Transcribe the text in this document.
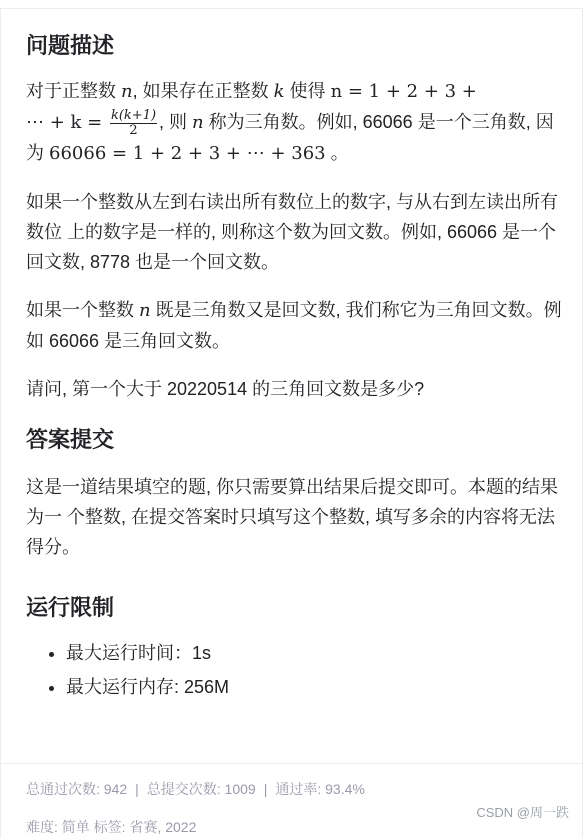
问题描述

对于正整数 n, 如果存在正整数 k 使得 n = 1 + 2 + 3 +
⋯ + $k = \frac{k(k+1)}{2}$ , 则 n 称为三角数。例如, 66066 是一个三角数, 因为 66066 = 1 + 2 + 3 + ⋯ + 363 。

如果一个整数从左到右读出所有数位上的数字, 与从右到左读出所有数位 上的数字是一样的, 则称这个数为回文数。例如, 66066 是一个回文数, 8778 也是一个回文数。

如果一个整数 n 既是三角数又是回文数, 我们称它为三角回文数。例如 66066 是三角回文数。

请问, 第一个大于 20220514 的三角回文数是多少?

答案提交

这是一道结果填空的题, 你只需要算出结果后提交即可。本题的结果为一 个整数, 在提交答案时只填写这个整数, 填写多余的内容将无法得分。

运行限制
• 最大运行时间：1s
• 最大运行内存: 256M
总通过次数: 942 | 总提交次数: 1009 | 通过率: 93.4%
CSDN @周一跌
难度: 简单 标签: 省赛, 2022
